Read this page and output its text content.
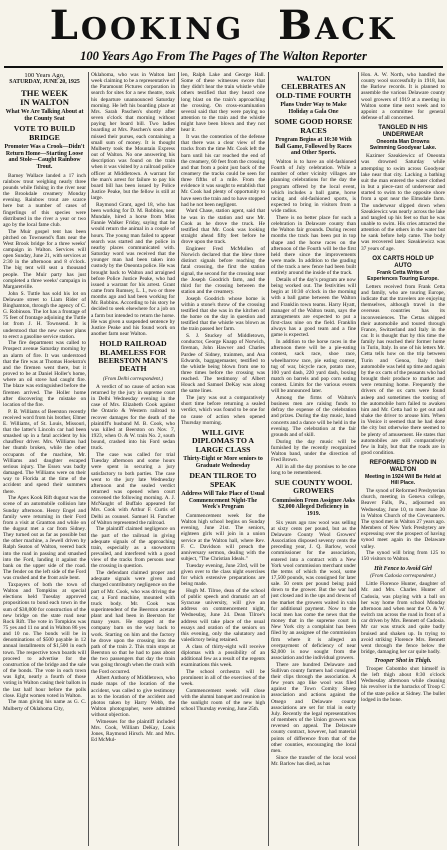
LOOKING BACK
100 Years Ago From The Pages of The Walton Reporter
100 Years Ago,
SATURDAY, JUNE 20, 1925
THE WEEK
IN WALTON
What We Are Talking About at the County Seat
VOTE TO BUILD
BRIDGE
Promoter Was a Crook—Didn't Return Home—Starting Loose and Stole—Caught Rainbow Trout.

Barney Wallace landed a 17 inch rainbow trout weighing nearly three pounds while fishing in the river near the Brookdale creamery Monday evening. Rainbow trout are scarce here but a number of cases of fingerlings of this species were distributed in the river a year or two ago by the local fame club.

The Muir gospel tent has been pitched on Townsend's flats near the West Brook bridge for a three weeks' campaign in Walton. Services will open Sunday, June 21, with services at 2:30 in the afternoon and 8 o'clock. The big tent will seat a thousand people. The Muir party has just completed a three weeks' campaign in Margaretville.

John S. Tuttle has sold his lot on Delaware street to Liam Rider of Binghamton, through the agency of C. G. Robinson. The lot has a frontage of 75 feet of frontage adjoining the Tuttle lot from J. H. Townsend. It is understood that the new owner plans to erect a gasoline service station.

The fire department was called to Prospect avenue Saturday morning by an alarm of fire. It was understood that the fire was at Thomas Hoekstra's and the firemen went there, but it proved to be at Daniel Holler's home, where an oil stove had caught fire. The blaze was extinguished before the firemen arrived. The Holler home after discovering the mistake on location of the fire.

P. B. Williams of Beerston recently received word from his brother, Elmer E. Williams, of St. Louis, Missouri, that the latter's Lincoln car had been smashed up in a fatal accident by his chauffeur driver. Mrs. Williams had her thumb broken, while the other occupants of the machine, Mr. Williams and daughter escaped serious injury. The Essex was badly damaged. The Williams were on their way to Florida at the time of the accident and spend their summers there.

The Apex Kook Rift dugout was the scene of an automobile collision late Sunday afternoon. Henry Engel and family were returning in their Ford from a visit at Grantton and while on the dugout met a car from Sidney. They turned out as far as possible but the other machine, a Jewell driven by Ralph Seaton of Walton, veered back into the road in passing and smashed into the Ford, landing it against the bank on the upper side of the road. The fender on the left side of the Ford was crushed and the front axle bent.

Taxpayers of both the town of Walton and Tompkins at special elections held Tuesday approved propositions to bond each town in the sum of $38,000 for construction of the new bridge on the state road near Rock Rift. The vote in Tompkins was 75 yes and 11 no and in Walton 86 yes and 10 no. The bonds will be in denominations of $500 payable in 12 annual installments of $1,500 in each town. The respective town boards will proceed to advertise for the construction of the bridge and the sale of the bonds. The vote in each town was light, nearly a fourth of those voting in Walton casing their ballots in the last half hour before the polls close. Eight women voted in Walton.

The man giving his name as G. C. Mulberty of Oklahoma City,

Oklahoma, who was in Walton last week claiming to be a representative of the Paramount Pictures corporation in search for sites for a new theatre, took his departure unannounced Saturday morning. He left his boarding place at Mrs. Sarah Paschen's shortly after seven o'clock that morning without paying her board bill. Two ladies boarding at Mrs. Paschen's soon after missed their purses, each containing a small sum of money. It is thought Mulberty took the Mountain Express out of Walton. No one answering his description was found on the train when it was visited by a railroad police officer at Middletown. A warrant for the man's arrest for failure to pay his board bill has been issued by Police Justice Peake, but the fellow is still at large.

Raymond Grant, aged 18, who has been working for D. M. Robbins, near Mundale, hired a horse from Miss Fannie Walker Friday, saying that he would return the animal in a couple of hours. The young man failed to appear search was started and the police in nearby places communicated with. Saturday word was received that the younger man had been taken into custody by the Oneonta police. He was brought back to Walton and arraigned before Police Justice Peake, who had issued a warrant for his arrest. Grant came from Rumsey, L. I., two or three months ago and had been working for Mr. Robbins. According to his story he decided to seek elsewhere for a job on a farm but intended to return the horse. He was given a suspended sentence by Justice Peake and his found work on another farm near Walton.

HOLD RAILROAD
BLAMELESS FOR
BEERSTON MAN'S
DEATH
(From Delhi correspondent.)

A verdict of no cause of action was returned by the jury in supreme court in Delhi Wednesday evening in the case of Mrs. Elizabeth Cook against the Ontario & Western railroad to recover damages for the death of the plaintiff's husband M. B. Cook, who was killed at Beerston on Nov. 7, 1923, when O. & W. train No. 2, south bound, crashed into his Ford sedan truck.

The case was called for trial Tuesday afternoon and some hours were spent in securing a jury satisfactory to both parties. The case went to the jury late Wednesday afternoon and the sealed verdict returned was opened when court convened the following morning. A. J. McNaught of Buffalo appeared for Mrs. Cook with Arthur F. Curtis of Delhi as counsel. Samuel H. Fancher of Walton represented the railroad.

The plaintiff claimed negligence on the part of the railroad in giving adequate signals of the approaching train, especially as a snowstorm prevailed, and interfered with a good view of the tracks from persons near the crossing in question.

The defendant claimed proper and adequate signals were given and charged contributory negligence on the part of Mr. Cook, who was driving the car, a Ford machine, mounted with truck body. Mr. Cook was superintendent of the Beerston acetate plant and had been in Beerston for many years. He stopped at the company barn on the way back to work. Starting on him and the factory he drove upon the crossing into the path of the train 2. This train stops at Beerston so that he had to pass about the two passengers that day the train was going through when the crash with the Ford occurred.

Albert Anthony of Middletown, who made maps of the location of the accident, was called to give testimony as to the location of the accident and photos taken by Harry Webb, the Walton photographer, were admitted without objection.

Witnesses for the plaintiff included Mrs. Cook, William DeKay, Louis Jones, Raymond Hirsch. Mr. and Mrs. Ed McMul-

len, Ralph Lake and George Hall. Some of these witnesses swore that they didn't hear the train whistle while others testified that they heard one long blast on the train's approaching the crossing. On cross-examination several said that they were paying no attention to the train and the whistle might have been blown and they not hear it.

It was the contention of the defense that there was a clear view of the tracks from the time Mr. Cook left the barn until his car reached the end of the creamery, 60 feet from the crossing and that from a point just back of the creamery the tracks could be seen for three fifths of a mile. From the evidence it was sought to establish that Mr. Cook had plenty of opportunity to have seen the train and to have stopped had he not been negligent.

Ward Chase, station agent, said that he was in the station and saw Mr. Cook as he drove the truck. He testified that Mr. Cook was looking straight ahead fifty feet before he drove upon the track.

Engineer Fred McMullen of Norwich declared that the blew three distinct signals before reaching the fatal crossing, the first the station signal, the second for the crossing near the Joseph Goodrich farm, and the third for the crossing between the station and the creamery.

Joseph Goodrich whose home is within a stone's throw of the crossing testified that she was in the kitchen of the home on the day in question and testified that the whistle was blown as the train passed her farm.

S. J. Stuckey of Middletown, conductor, George Knapp of Norwich, fireman, John Hawver and Charles Pardee of Sidney, trainmen, and Asa Edwards, baggagemaster, testified to the whistle being blown from one to three times before the crossing was reached. The testimony of Albert Houck and Samuel DeKay was along the same lines.

The jury was out a comparatively short time before returning a sealed verdict, which was found to be one for no cause of action when opened Thursday morning.

WILL GIVE
DIPLOMAS TO A
LARGE CLASS
Thirty-Eight or More seniors to Graduate Wednesday
DEAN TILROE TO
SPEAK
Address Will Take Place of Usual Commencement Night-The Week's Program

Commencement week for the Walton high school begins on Sunday evening, June 21st. The seniors, eighteen girls will join in a union service at the Walton hall, where Rev. F. C. Davidson will preach the anniversary sermon, dealing with the subject, "The Christian Ideals."

Tuesday evening, June 23rd, will be given over to the class night exercises for which extensive preparations are being made.

Hugh M. Tilroe, dean of the school of public speech and dramatic art of Syracuse university, will give an address on commencement night, Wednesday, June 24. Dean Tilroe's address will take place of the usual essays and oration of the seniors on this evening, only the salutatory and valedictory being retained.

A class of thirty-eight will receive diplomas with a possibility of an additional few as a result of the regents examinations this week.

The school orchestra will be prominent in all of the exercises of the week.

Commencement week will close with the alumni banquet and reunion in the sunlight room of the new high school Thursday evening, June 25th.

WALTON
CELEBRATES AN
OLD-TIME FOURTH
Plans Under Way to Make Holiday a Gala One
SOME GOOD HORSE
RACES
Program Begins at 10:30 With Ball Game, Followed by Races and Other Sports.

Walton is to have an old-fashioned Fourth of July celebration. While a number of other vicinity villages are planning celebrations for the day the program offered by the local event, which includes a ball game, horse racing and old-fashioned sports, is expected to bring in visitors from a wide radius.

There is no better place for such a celebration in Delaware county than the Walton fair grounds. During recent months the track has been put in top shape and the horse races on the afternoon of the Fourth will be the first held there since the improvements were made. In addition to the grading of the track a new fence had been built entirely around the inside of the track.

Details of the day's program are now being worked out. The festivities will begin at 10:30 o'clock in the morning with a ball game between the Walton and Franklin town teams. Harry Hyatt, manager of the Walton team, says the arrangements are expected to put a first-class nine on the field. Franklin always has a good team and a fine game is expected.

In addition to the horse races in the afternoon there will be a pie-eating contest, sack race, shoe race, wheelbarrow race, pie eating contest, tug of war, bicycle race, potato race, 100 yard dash, 220 yard dash, boxing match on barrels and pop corn eating contest. Limits for the various events will be announced later.

Among the firms of Walton's business men are raising funds to defray the expense of the celebration and prizes. During the day music, band concerts and a dance will be held in the evening. The celebration at the fair grounds and of skill.

During the day music will be furnished by the recently reorganized Walton band, under the direction of Fred Brown.

All in all the day promises to be one long to be remembered.

SUE COUNTY WOOL
GROWERS
Commission From Assignee Asks $2,000 Alleged Deficiency in 1919.

Six years ago raw wool was selling at sixty cents per pound, but as the Delaware County Wool Growers' Association disposed seventy cents the preceding year, J. Q. Barlow, wool commissioner for the association, entered into a contract with a New York wool commission merchant under the terms of which the wool, some 17,500 pounds, was consigned for later sale. 50 cents per pound being paid down to the grower. But the war had just closed and in the ups and downs of the market the growers waited in vain for additional payment. Now to the local men has come the news that the money that in the supreme court in New York city a complaint has been filed by an assignee of the commission firm where it is alleged an overpayment of deficiency of near $2,000 is now sought from the association and the individual growers.

There are hundred Delaware and Sullivan county farmers had consigned their clips through the association. A few years ago like wool was filed against the Town Comity Sheep association and actions against the Otsego and Delaware county associations are set for trial in early July. Recently the legal representatives of members of the Union growers was reversed on appeal. The Delaware county contract, however, had material points of difference from that of the other counties, encouraging the local men.

Since the transfer of the local wool Mr. Barlow has died, as has

Hon. A. W. North, who handled the county wool successfully in 1918, has the Barlow records. It is planned to assemble the various Delaware county wool growers of 1919 at a meeting in Walton some time next week and to appoint a committee for general defense of all concerned.

TANGLED IN HIS
UNDERWEAR
Oneonta Man Drowns
Swimming Goodyear Lake.

Kazimer Szeakiewicz of Oneonta was drowned Saturday while attempting to swim across Goodyear lake near that city. Lacking a bathing suit the man entered the water clothed in but a piece-cast of underwear and started to swim to the opposite shore from a spot near the Elmsdale farm. The underwear slipped down when Szeakiewicz was nearly across the lake and tangled up his feet so that he was unable to swim. His cries attracted the attention of the others in the water but he sank before help came. The body was recovered later. Szeakiewicz was 37 years of age.

OX CARTS HOLD UP
AUTO
Frank Cetta Writes of Experiences Touring Europe.

Letters received from Frank Cetta and family, who are touring Europe, indicate that the travelers are enjoying themselves, although travel in the overseas countries has its inconveniences. The Cettas shipped their automobile and toured through France, Switzerland and Italy in the car. It is thought that by this time the family has reached their former home in Turin, Italy. In one of his letters Mr. Cetta tells how on the trip between Turin and Genoa, Italy their automobile was held up time and again by the ox carts of the peasants who had brought their produce to market and were returning home. Frequently the drivers of the ox carts were found asleep and sometimes the tooting of the automobile horn failed to awaken him and Mr. Cetta had to get out and shake the driver to arouse him. When in Venice it seemed that he had done the city but otherwise there seemed to be plenty of amusement. He states that automobiles are still comparatively few in Italy, but that the roads are in good condition.

REFORMED SYNOD IN
WALTON
Meeting in 1924 Will Be Held at Hill Place.

The synod of Reformed Presbyterian church, meeting in Geneva college, Beaver Falls, Pa., adjourned on Wednesday, June 10, to meet June 30 in Walton Church of the Covenanters. The synod met in Walton 27 years ago. Members of New York Presbytery are expressing over the prospect of having synod meet again in the Delaware valley.

The synod will bring from 125 to 150 visitors to Walton.

Hit Fence to Avoid Girl
(From Cadosia correspondent.)

Little Florence Hunter, daughter of Mr. and Mrs. Charles Hunter of Cadosia, was playing with a ball on her way home from school Monday afternoon and when near the O. & W. switch ran across the road in front of a car driven by Mrs. Bennett of Cadosia. Mr car was struck and quite badly bruised and shaken up. In trying to avoid striking Florence Mrs. Bennett went through the fence below the bridge, damaging her car quite badly.

Trooper Shot in Thigh.

Trooper Cobombo shot himself in the left thigh about 8:30 o'clock Wednesday afternoon while cleaning his revolver in the barracks of Troop C of the state police at Sidney. The bullet lodged in the bone.
